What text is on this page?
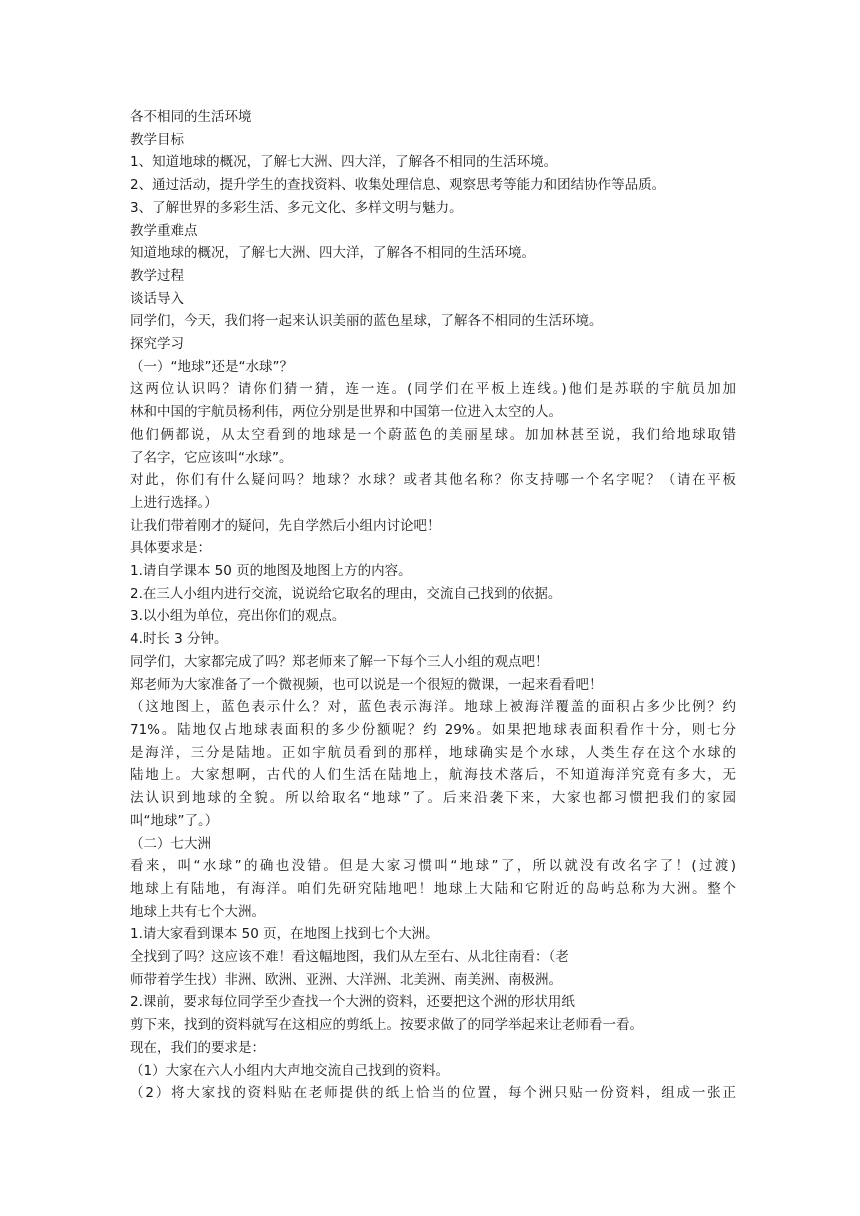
各不相同的生活环境
教学目标
1、知道地球的概况，了解七大洲、四大洋，了解各不相同的生活环境。
2、通过活动，提升学生的查找资料、收集处理信息、观察思考等能力和团结协作等品质。
3、了解世界的多彩生活、多元文化、多样文明与魅力。
教学重难点
知道地球的概况，了解七大洲、四大洋，了解各不相同的生活环境。
教学过程
谈话导入
同学们，今天，我们将一起来认识美丽的蓝色星球，了解各不相同的生活环境。
探究学习
（一）“地球”还是“水球”？
这两位认识吗？请你们猜一猜，连一连。(同学们在平板上连线。)他们是苏联的宇航员加加
林和中国的宇航员杨利伟，两位分别是世界和中国第一位进入太空的人。
他们俩都说，从太空看到的地球是一个蔚蓝色的美丽星球。加加林甚至说，我们给地球取错
了名字，它应该叫“水球”。
对此，你们有什么疑问吗？地球？水球？或者其他名称？你支持哪一个名字呢？（请在平板
上进行选择。）
让我们带着刚才的疑问，先自学然后小组内讨论吧！
具体要求是：
1.请自学课本 50 页的地图及地图上方的内容。
2.在三人小组内进行交流，说说给它取名的理由，交流自己找到的依据。
3.以小组为单位，亮出你们的观点。
4.时长 3 分钟。
同学们，大家都完成了吗？郑老师来了解一下每个三人小组的观点吧！
郑老师为大家准备了一个微视频，也可以说是一个很短的微课，一起来看看吧！
（这地图上，蓝色表示什么？对，蓝色表示海洋。地球上被海洋覆盖的面积占多少比例？约
71%。陆地仅占地球表面积的多少份额呢？约 29%。如果把地球表面积看作十分，则七分
是海洋，三分是陆地。正如宇航员看到的那样，地球确实是个水球，人类生存在这个水球的
陆地上。大家想啊，古代的人们生活在陆地上，航海技术落后，不知道海洋究竟有多大，无
法认识到地球的全貌。所以给取名“地球”了。后来沿袭下来，大家也都习惯把我们的家园
叫“地球”了。）
（二）七大洲
看来，叫“水球”的确也没错。但是大家习惯叫“地球”了，所以就没有改名字了！(过渡)
地球上有陆地，有海洋。咱们先研究陆地吧！地球上大陆和它附近的岛屿总称为大洲。整个
地球上共有七个大洲。
1.请大家看到课本 50 页，在地图上找到七个大洲。
全找到了吗？这应该不难！看这幅地图，我们从左至右、从北往南看：（老
师带着学生找）非洲、欧洲、亚洲、大洋洲、北美洲、南美洲、南极洲。
2.课前，要求每位同学至少查找一个大洲的资料，还要把这个洲的形状用纸
剪下来，找到的资料就写在这相应的剪纸上。按要求做了的同学举起来让老师看一看。
现在，我们的要求是：
（1）大家在六人小组内大声地交流自己找到的资料。
（2）将大家找的资料贴在老师提供的纸上恰当的位置，每个洲只贴一份资料，组成一张正
